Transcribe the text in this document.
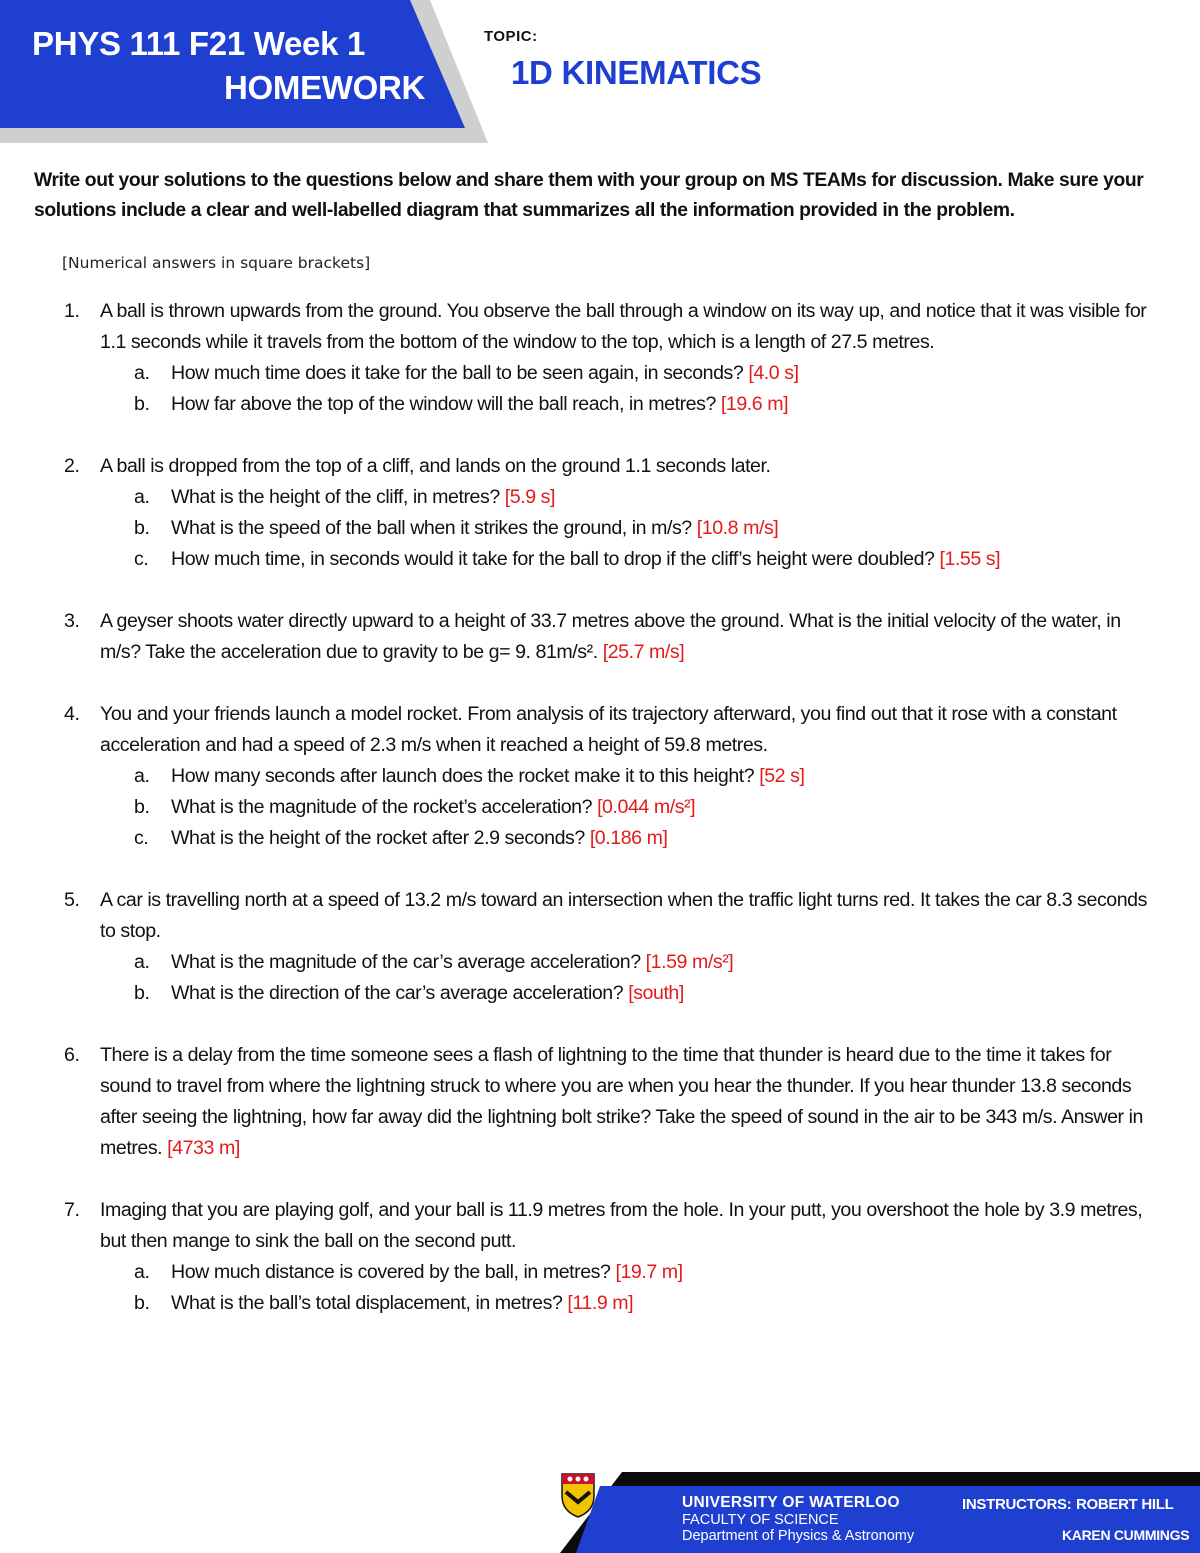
PHYS 111 F21 Week 1
HOMEWORK
TOPIC:
1D KINEMATICS
Write out your solutions to the questions below and share them with your group on MS TEAMs for discussion. Make sure your solutions include a clear and well-labelled diagram that summarizes all the information provided in the problem.
[Numerical answers in square brackets]
1. A ball is thrown upwards from the ground. You observe the ball through a window on its way up, and notice that it was visible for 1.1 seconds while it travels from the bottom of the window to the top, which is a length of 27.5 metres.
a. How much time does it take for the ball to be seen again, in seconds? [4.0 s]
b. How far above the top of the window will the ball reach, in metres? [19.6 m]
2. A ball is dropped from the top of a cliff, and lands on the ground 1.1 seconds later.
a. What is the height of the cliff, in metres? [5.9 s]
b. What is the speed of the ball when it strikes the ground, in m/s? [10.8 m/s]
c. How much time, in seconds would it take for the ball to drop if the cliff’s height were doubled? [1.55 s]
3. A geyser shoots water directly upward to a height of 33.7 metres above the ground. What is the initial velocity of the water, in m/s? Take the acceleration due to gravity to be g= 9. 81m/s². [25.7 m/s]
4. You and your friends launch a model rocket. From analysis of its trajectory afterward, you find out that it rose with a constant acceleration and had a speed of 2.3 m/s when it reached a height of 59.8 metres.
a. How many seconds after launch does the rocket make it to this height? [52 s]
b. What is the magnitude of the rocket’s acceleration? [0.044 m/s²]
c. What is the height of the rocket after 2.9 seconds? [0.186 m]
5. A car is travelling north at a speed of 13.2 m/s toward an intersection when the traffic light turns red. It takes the car 8.3 seconds to stop.
a. What is the magnitude of the car’s average acceleration? [1.59 m/s²]
b. What is the direction of the car’s average acceleration? [south]
6. There is a delay from the time someone sees a flash of lightning to the time that thunder is heard due to the time it takes for sound to travel from where the lightning struck to where you are when you hear the thunder. If you hear thunder 13.8 seconds after seeing the lightning, how far away did the lightning bolt strike? Take the speed of sound in the air to be 343 m/s. Answer in metres. [4733 m]
7. Imaging that you are playing golf, and your ball is 11.9 metres from the hole. In your putt, you overshoot the hole by 3.9 metres, but then mange to sink the ball on the second putt.
a. How much distance is covered by the ball, in metres? [19.7 m]
b. What is the ball’s total displacement, in metres? [11.9 m]
UNIVERSITY OF WATERLOO
FACULTY OF SCIENCE
Department of Physics & Astronomy
INSTRUCTORS: ROBERT HILL
KAREN CUMMINGS
